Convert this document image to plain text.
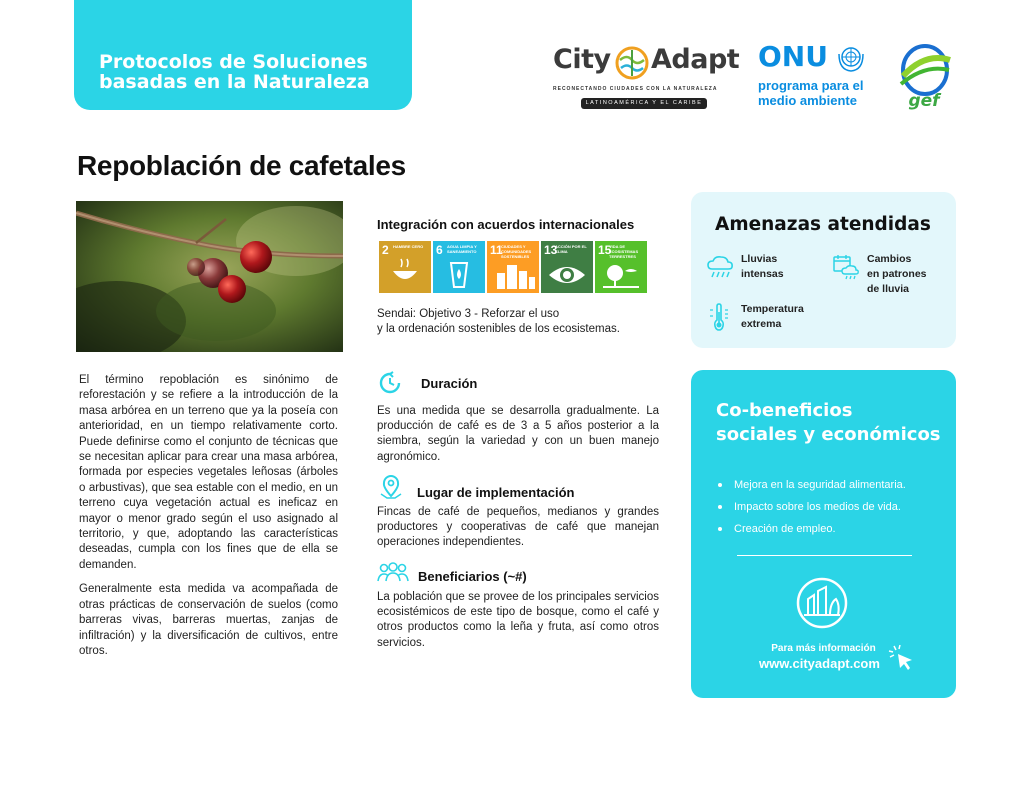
Protocolos de Soluciones
basadas en la Naturaleza
City Adapt
RECONECTANDO CIUDADES CON LA NATURALEZA
LATINOAMÉRICA Y EL CARIBE
ONU
programa para el
medio ambiente	gef
Repoblación de cafetales

El término repoblación es sinónimo de reforestación y se refiere a la introducción de la masa arbórea en un terreno que ya la poseía con anterioridad, en un tiempo relativamente corto. Puede definirse como el conjunto de técnicas que se necesitan aplicar para crear una masa arbórea, formada por especies vegetales leñosas (árboles o arbustivas), que sea estable con el medio, en un terreno cuya vegetación actual es ineficaz en mayor o menor grado según el uso asignado al territorio, y que, adoptando las características deseadas, cumpla con los fines que de ella se demanden.

Generalmente esta medida va acompañada de otras prácticas de conservación de suelos (como barreras vivas, barreras muertas, zanjas de infiltración) y la diversificación de cultivos, entre otros.

Integración con acuerdos internacionales
2 HAMBRE CERO	6 AGUA LIMPIA Y SANEAMIENTO	11
CIUDADES Y COMUNIDADES SOSTENIBLES	13
ACCIÓN POR EL CLIMA	15
VIDA DE ECOSISTEMAS TERRESTRES
Sendai: Objetivo 3 - Reforzar el uso
y la ordenación sostenibles de los ecosistemas.
Duración
Es una medida que se desarrolla gradualmente. La producción de café es de 3 a 5 años posterior a la siembra, según la variedad y con un buen manejo agronómico.
Lugar de implementación
Fincas de café de pequeños, medianos y grandes productores y cooperativas de café que manejan operaciones independientes.
Beneficiarios (~#)
La población que se provee de los principales servicios ecosistémicos de este tipo de bosque, como el café y otros productos como la leña y fruta, así como otros servicios.
Amenazas atendidas
Lluvias
intensas
Cambios
en patrones
de lluvia
Temperatura
extrema
Co-beneficios
sociales y económicos
Mejora en la seguridad alimentaria.
Impacto sobre los medios de vida.
Creación de empleo.
Para más información
www.cityadapt.com
